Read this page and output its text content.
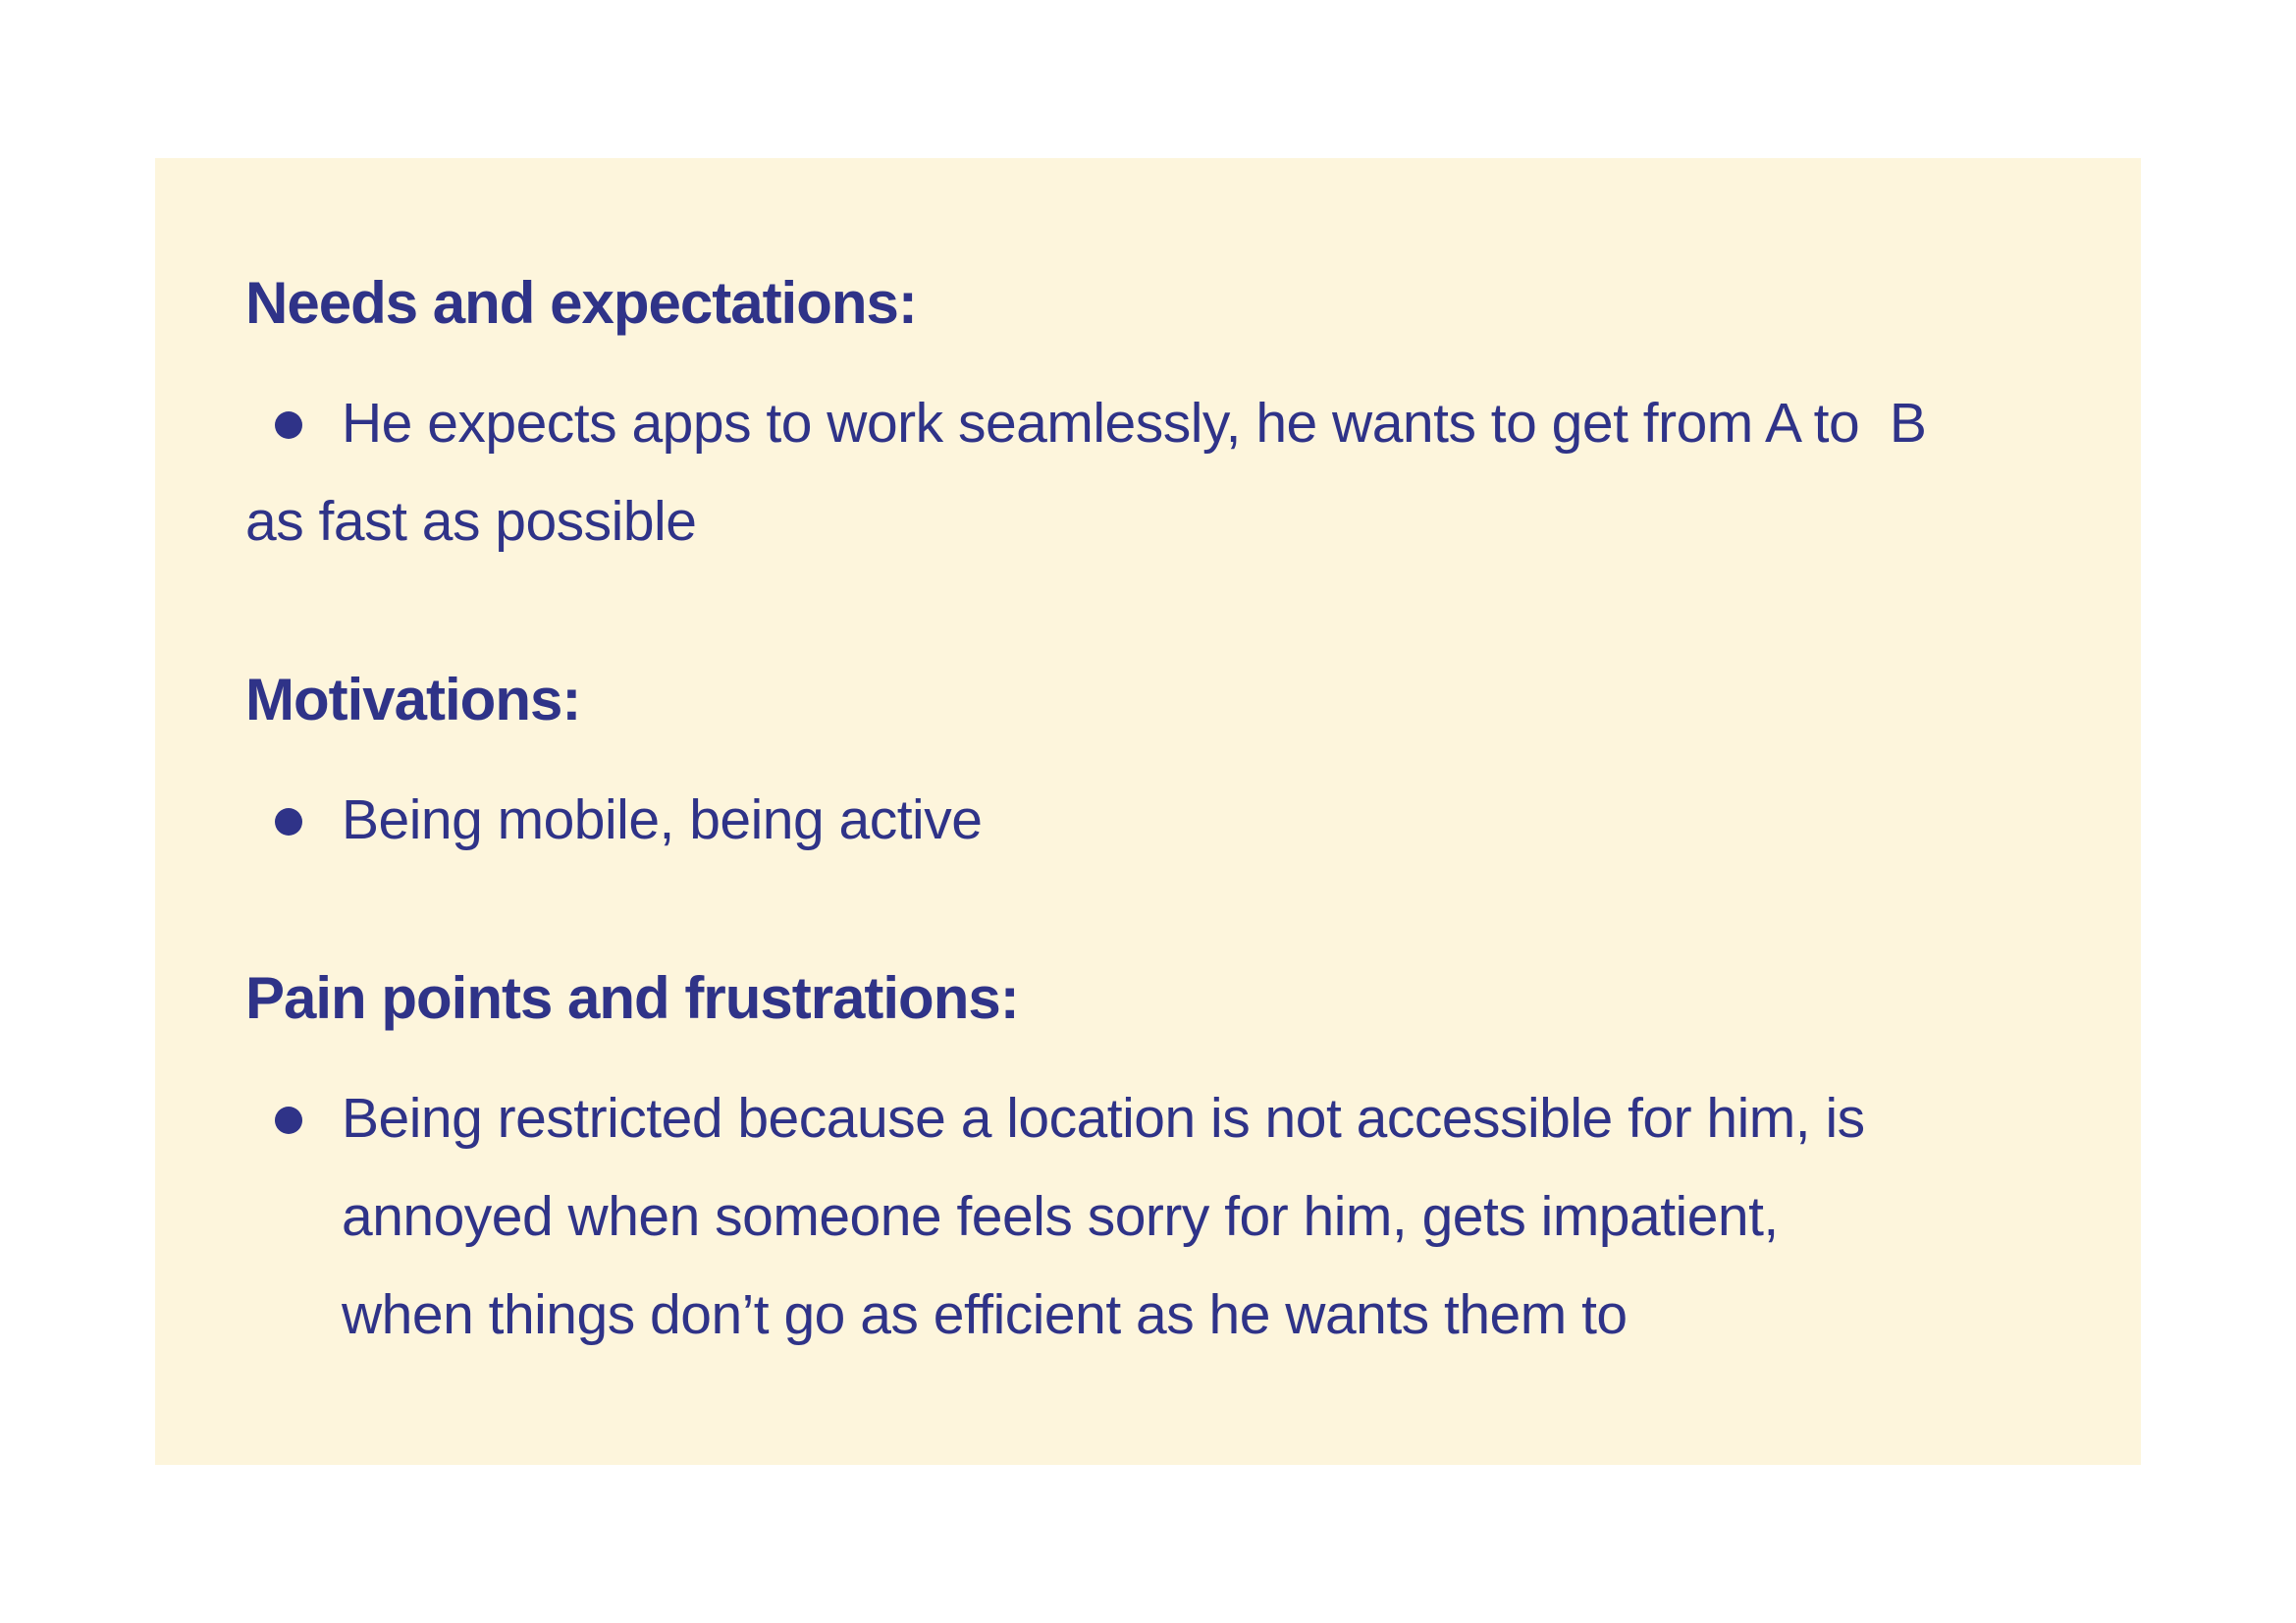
Needs and expectations:
He expects apps to work seamlessly, he wants to get from A to  B
as fast as possible
Motivations:
Being mobile, being active
Pain points and frustrations:
Being restricted because a location is not accessible for him, is
annoyed when someone feels sorry for him, gets impatient,
when things don’t go as efficient as he wants them to
